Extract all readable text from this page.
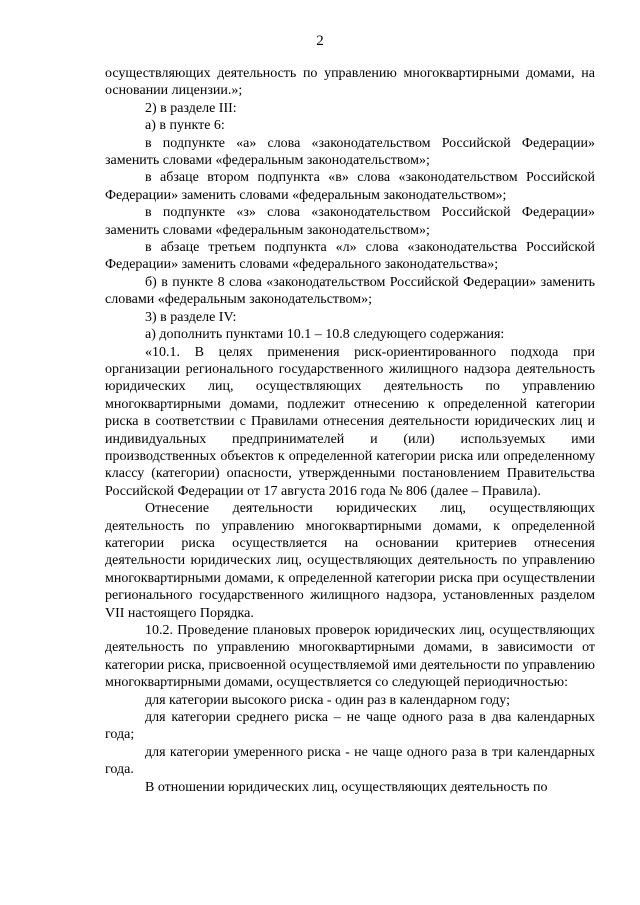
2

осуществляющих деятельность по управлению многоквартирными домами, на основании лицензии.»;

2) в разделе III:

а) в пункте 6:

в подпункте «а» слова «законодательством Российской Федерации» заменить словами «федеральным законодательством»;

в абзаце втором подпункта «в» слова «законодательством Российской Федерации» заменить словами «федеральным законодательством»;

в подпункте «з» слова «законодательством Российской Федерации» заменить словами «федеральным законодательством»;

в абзаце третьем подпункта «л» слова «законодательства Российской Федерации» заменить словами «федерального законодательства»;

б) в пункте 8 слова «законодательством Российской Федерации» заменить словами «федеральным законодательством»;

3) в разделе IV:

а) дополнить пунктами 10.1 – 10.8 следующего содержания:

«10.1. В целях применения риск-ориентированного подхода при организации регионального государственного жилищного надзора деятельность юридических лиц, осуществляющих деятельность по управлению многоквартирными домами, подлежит отнесению к определенной категории риска в соответствии с Правилами отнесения деятельности юридических лиц и индивидуальных предпринимателей и (или) используемых ими производственных объектов к определенной категории риска или определенному классу (категории) опасности, утвержденными постановлением Правительства Российской Федерации от 17 августа 2016 года № 806 (далее – Правила).

Отнесение деятельности юридических лиц, осуществляющих деятельность по управлению многоквартирными домами, к определенной категории риска осуществляется на основании критериев отнесения деятельности юридических лиц, осуществляющих деятельность по управлению многоквартирными домами, к определенной категории риска при осуществлении регионального государственного жилищного надзора, установленных разделом VII настоящего Порядка.

10.2. Проведение плановых проверок юридических лиц, осуществляющих деятельность по управлению многоквартирными домами, в зависимости от категории риска, присвоенной осуществляемой ими деятельности по управлению многоквартирными домами, осуществляется со следующей периодичностью:

для категории высокого риска - один раз в календарном году;

для категории среднего риска – не чаще одного раза в два календарных года;

для категории умеренного риска - не чаще одного раза в три календарных года.

В отношении юридических лиц, осуществляющих деятельность по
